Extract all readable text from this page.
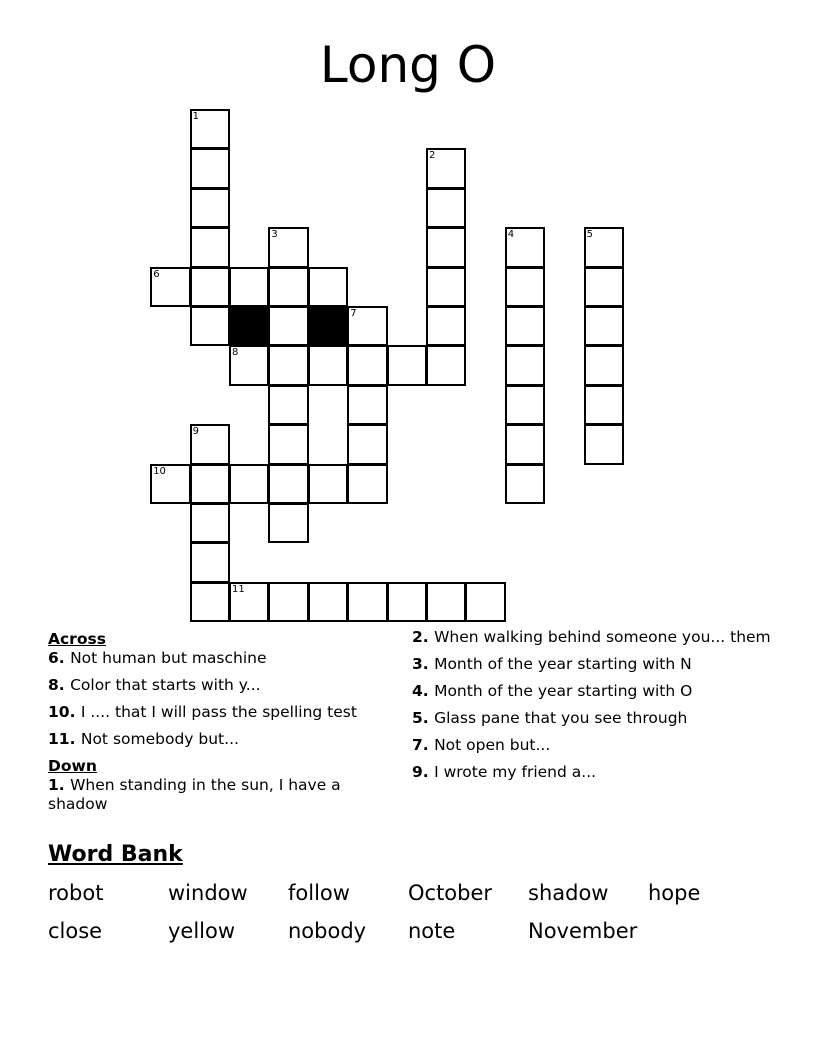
Long O
1
2
3	4	5
6
7
8
9
10
11
Across
6. Not human but maschine
8. Color that starts with y...
10. I .... that I will pass the spelling test
11. Not somebody but...
Down
1. When standing in the sun, I have a shadow
2. When walking behind someone you... them
3. Month of the year starting with N
4. Month of the year starting with O
5. Glass pane that you see through
7. Not open but...
9. I wrote my friend a...
Word Bank
robot	window	follow	October	shadow	hope
close	yellow	nobody	note	November
